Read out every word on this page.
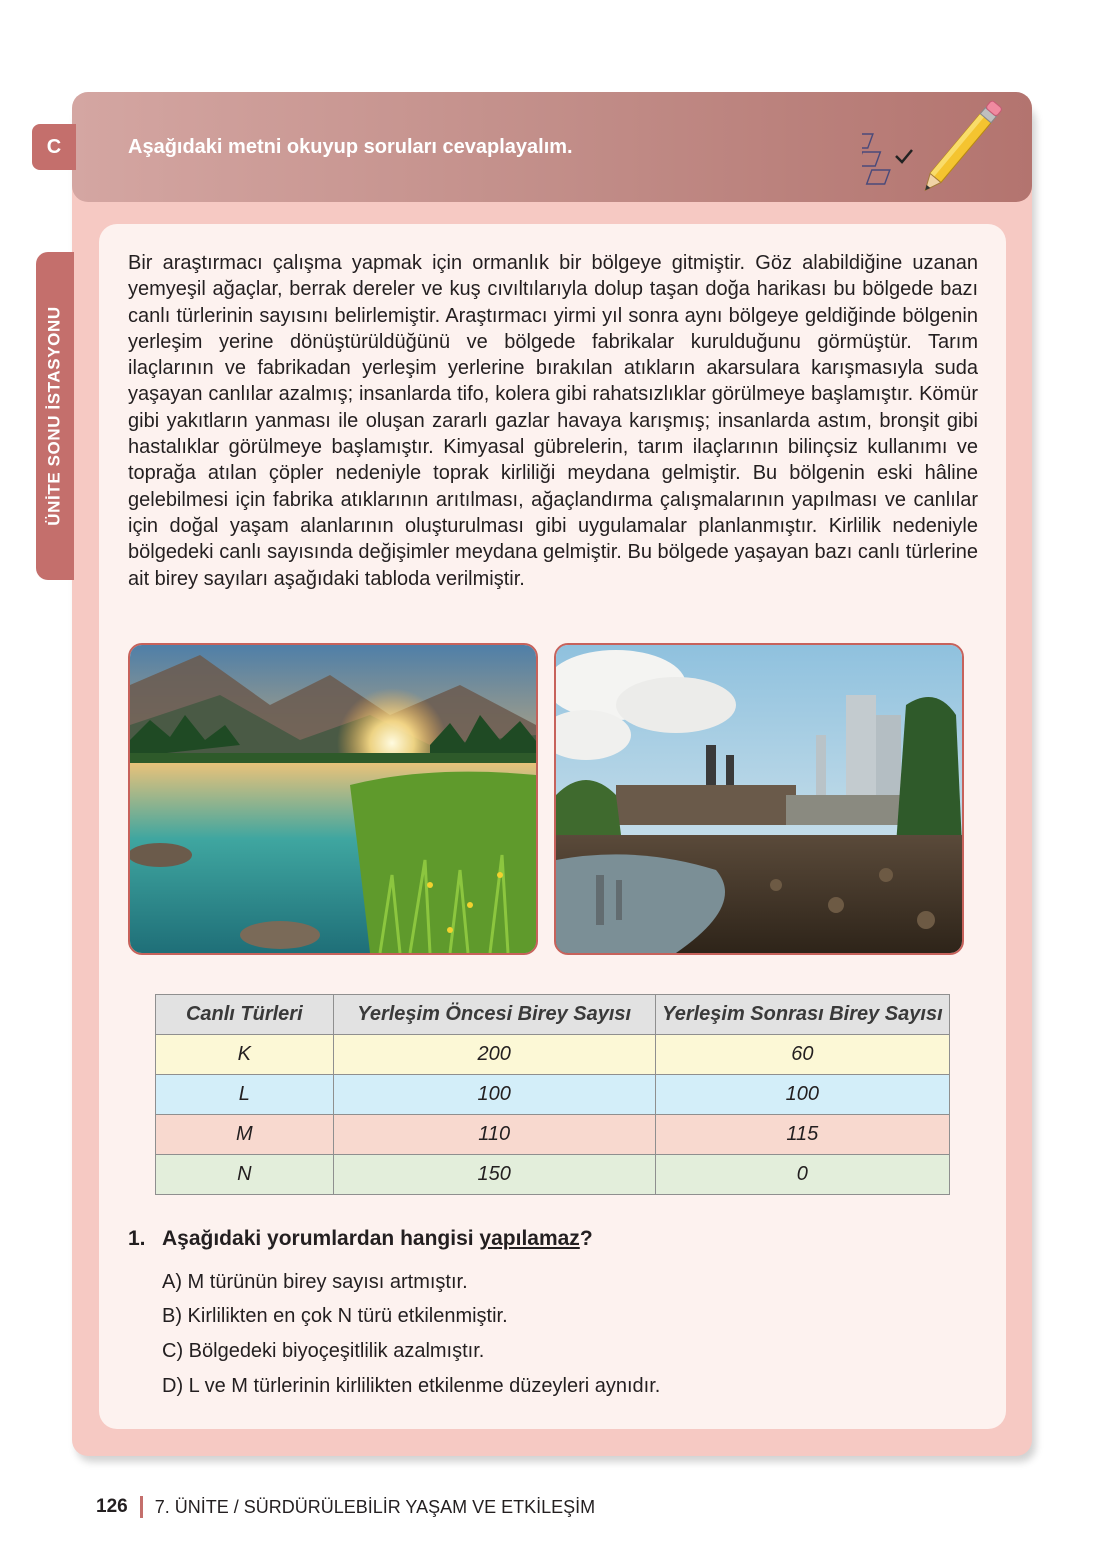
ÜNİTE SONU İSTASYONU
C	Aşağıdaki metni okuyup soruları cevaplayalım.

Bir araştırmacı çalışma yapmak için ormanlık bir bölgeye gitmiştir. Göz alabildiğine uzanan yemyeşil ağaçlar, berrak dereler ve kuş cıvıltılarıyla dolup taşan doğa harikası bu bölgede bazı canlı türlerinin sayısını belirlemiştir. Araştırmacı yirmi yıl sonra aynı bölgeye geldiğinde bölgenin yerleşim yerine dönüştürüldüğünü ve bölgede fabrikalar kurulduğunu görmüştür. Tarım ilaçlarının ve fabrikadan yerleşim yerlerine bırakılan atıkların akarsulara karışmasıyla suda yaşayan canlılar azalmış; insanlarda tifo, kolera gibi rahatsızlıklar görülmeye başlamıştır. Kömür gibi yakıtların yanması ile oluşan zararlı gazlar havaya karışmış; insanlarda astım, bronşit gibi hastalıklar görülmeye başlamıştır. Kimyasal gübrelerin, tarım ilaçlarının bilinçsiz kullanımı ve toprağa atılan çöpler nedeniyle toprak kirliliği meydana gelmiştir. Bu bölgenin eski hâline gelebilmesi için fabrika atıklarının arıtılması, ağaçlandırma çalışmalarının yapılması ve canlılar için doğal yaşam alanlarının oluşturulması gibi uygulamalar planlanmıştır. Kirlilik nedeniyle bölgedeki canlı sayısında değişimler meydana gelmiştir. Bu bölgede yaşayan bazı canlı türlerine ait birey sayıları aşağıdaki tabloda verilmiştir.

Canlı Türleri	Yerleşim Öncesi Birey Sayısı	Yerleşim Sonrası Birey Sayısı
K	200	60
L	100	100
M	110	115
N	150	0
1. Aşağıdaki yorumlardan hangisi yapılamaz?
A) M türünün birey sayısı artmıştır.
B) Kirlilikten en çok N türü etkilenmiştir.
C) Bölgedeki biyoçeşitlilik azalmıştır.
D) L ve M türlerinin kirlilikten etkilenme düzeyleri aynıdır.
126 7. ÜNİTE / SÜRDÜRÜLEBİLİR YAŞAM VE ETKİLEŞİM
